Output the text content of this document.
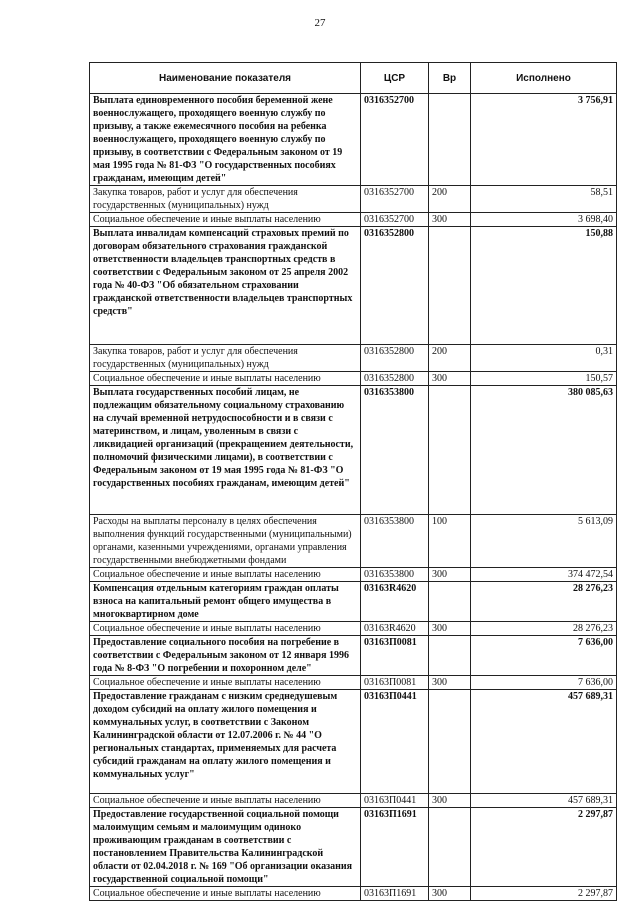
27
Наименование показателя	ЦСР	Вр	Исполнено
Выплата единовременного пособия беременной жене военнослужащего, проходящего военную службу по призыву, а также ежемесячного пособия на ребенка военнослужащего, проходящего военную службу по призыву, в соответствии с Федеральным законом от 19 мая 1995 года № 81-ФЗ "О государственных пособиях гражданам, имеющим детей"	0316352700		3 756,91
Закупка товаров, работ и услуг для обеспечения государственных (муниципальных) нужд	0316352700	200	58,51
Социальное обеспечение и иные выплаты населению	0316352700	300	3 698,40
Выплата инвалидам компенсаций страховых премий по договорам обязательного страхования гражданской ответственности владельцев транспортных средств в соответствии с Федеральным законом от 25 апреля 2002 года № 40-ФЗ "Об обязательном страховании гражданской ответственности владельцев транспортных средств"	0316352800		150,88
Закупка товаров, работ и услуг для обеспечения государственных (муниципальных) нужд	0316352800	200	0,31
Социальное обеспечение и иные выплаты населению	0316352800	300	150,57
Выплата государственных пособий лицам, не подлежащим обязательному социальному страхованию на случай временной нетрудоспособности и в связи с материнством, и лицам, уволенным в связи с ликвидацией организаций (прекращением деятельности, полномочий физическими лицами), в соответствии с Федеральным законом от 19 мая 1995 года № 81-ФЗ "О государственных пособиях гражданам, имеющим детей"	0316353800		380 085,63
Расходы на выплаты персоналу в целях обеспечения выполнения функций государственными (муниципальными) органами, казенными учреждениями, органами управления государственными внебюджетными фондами	0316353800	100	5 613,09
Социальное обеспечение и иные выплаты населению	0316353800	300	374 472,54
Компенсация отдельным категориям граждан оплаты взноса на капитальный ремонт общего имущества в многоквартирном доме	03163R4620		28 276,23
Социальное обеспечение и иные выплаты населению	03163R4620	300	28 276,23
Предоставление социального пособия на погребение в соответствии с Федеральным законом от 12 января 1996 года № 8-ФЗ "О погребении и похоронном деле"	03163П0081		7 636,00
Социальное обеспечение и иные выплаты населению	03163П0081	300	7 636,00
Предоставление гражданам с низким среднедушевым доходом субсидий на оплату жилого помещения и коммунальных услуг, в соответствии с Законом Калининградской области от 12.07.2006 г. № 44 "О региональных стандартах, применяемых для расчета субсидий гражданам на оплату жилого помещения и коммунальных услуг"	03163П0441		457 689,31
Социальное обеспечение и иные выплаты населению	03163П0441	300	457 689,31
Предоставление государственной социальной помощи малоимущим семьям и малоимущим одиноко проживающим гражданам в соответствии с постановлением Правительства Калининградской области от 02.04.2018 г. № 169 "Об организации оказания государственной социальной помощи"	03163П1691		2 297,87
Социальное обеспечение и иные выплаты населению	03163П1691	300	2 297,87
